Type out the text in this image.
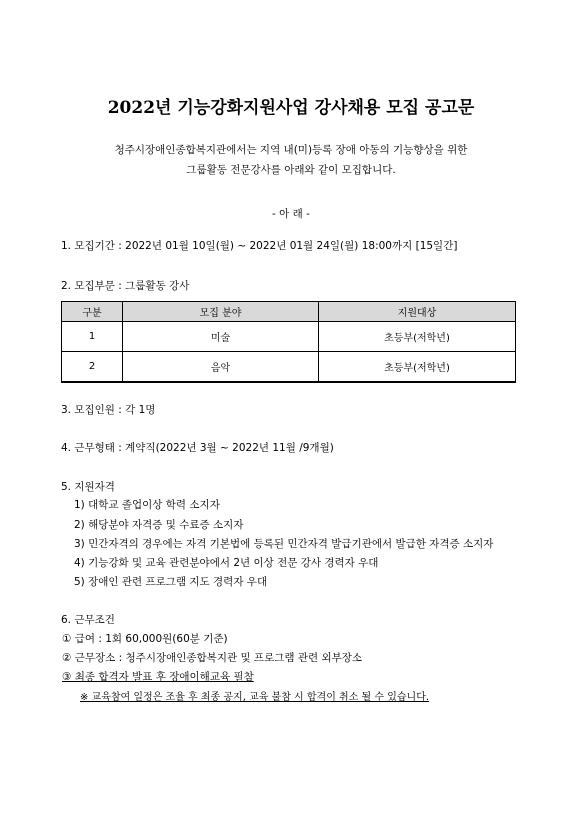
2022년 기능강화지원사업 강사채용 모집 공고문
청주시장애인종합복지관에서는 지역 내(미)등록 장애 아동의 기능향상을 위한
그룹활동 전문강사를 아래와 같이 모집합니다.
- 아 래 -
1. 모집기간 : 2022년 01월 10일(월) ~ 2022년 01월 24일(월) 18:00까지 [15일간]
2. 모집부문 : 그룹활동 강사
구분	모집 분야	지원대상
1	미술	초등부(저학년)
2	음악	초등부(저학년)
3. 모집인원 : 각 1명
4. 근무형태 : 계약직(2022년 3월 ~ 2022년 11월 /9개월)
5. 지원자격
1) 대학교 졸업이상 학력 소지자
2) 해당분야 자격증 및 수료증 소지자
3) 민간자격의 경우에는 자격 기본법에 등록된 민간자격 발급기관에서 발급한 자격증 소지자
4) 기능강화 및 교육 관련분야에서 2년 이상 전문 강사 경력자 우대
5) 장애인 관련 프로그램 지도 경력자 우대
6. 근무조건
① 급여 : 1회 60,000원(60분 기준)
② 근무장소 : 청주시장애인종합복지관 및 프로그램 관련 외부장소
③ 최종 합격자 발표 후 장애이해교육 필참
※ 교육참여 일정은 조율 후 최종 공지, 교육 불참 시 합격이 취소 될 수 있습니다.
